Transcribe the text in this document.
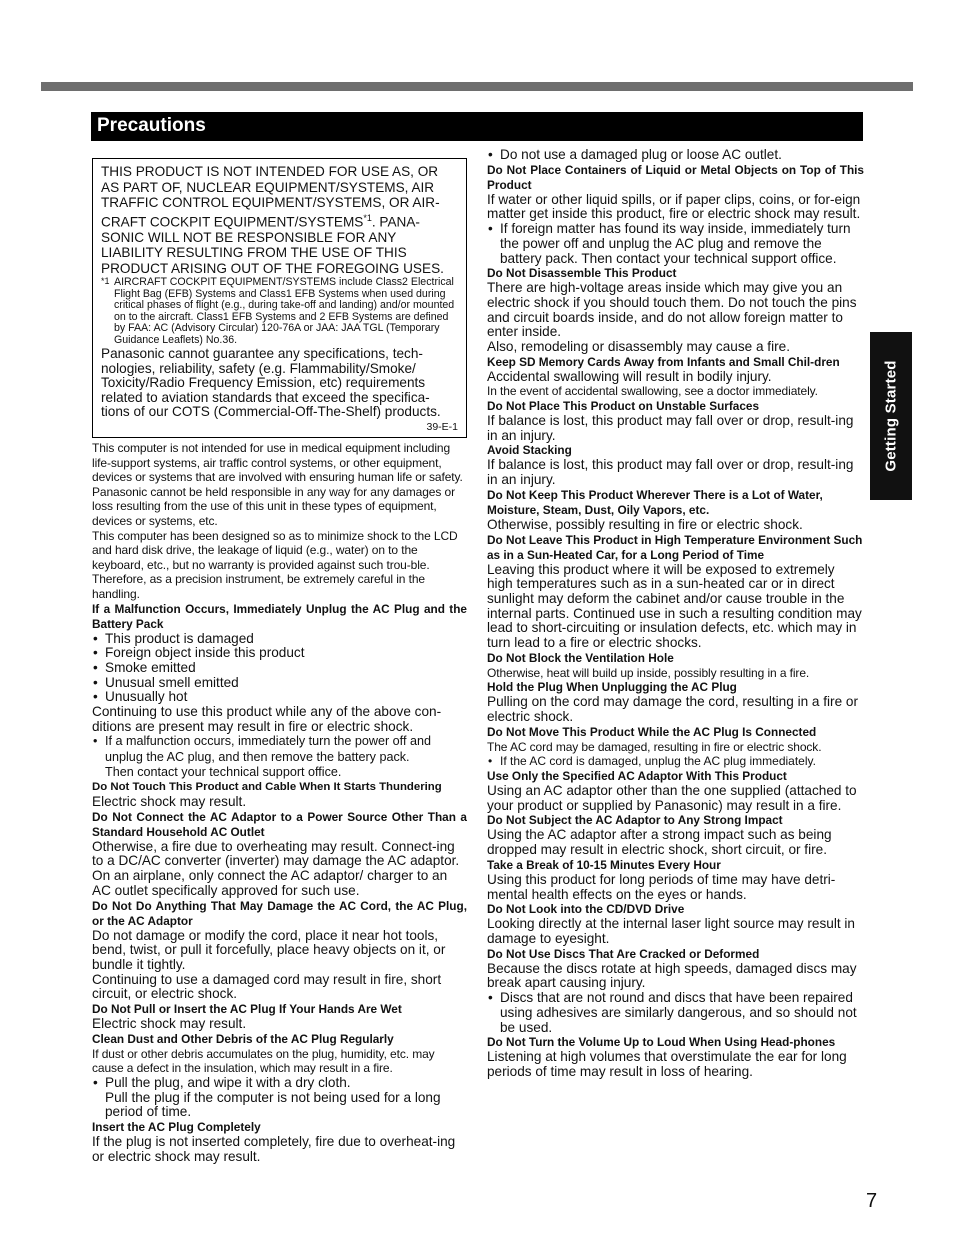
Precautions
Getting Started

THIS PRODUCT IS NOT INTENDED FOR USE AS, OR AS PART OF, NUCLEAR EQUIPMENT/SYSTEMS, AIR TRAFFIC CONTROL EQUIPMENT/SYSTEMS, OR AIR-CRAFT COCKPIT EQUIPMENT/SYSTEMS$^{*1}$. PANA-SONIC WILL NOT BE RESPONSIBLE FOR ANY LIABILITY RESULTING FROM THE USE OF THIS PRODUCT ARISING OUT OF THE FOREGOING USES.

*1 AIRCRAFT COCKPIT EQUIPMENT/SYSTEMS include Class2 Electrical Flight Bag (EFB) Systems and Class1 EFB Systems when used during critical phases of flight (e.g., during take-off and landing) and/or mounted on to the aircraft. Class1 EFB Systems and 2 EFB Systems are defined by FAA: AC (Advisory Circular) 120-76A or JAA: JAA TGL (Temporary Guidance Leaflets) No.36.

Panasonic cannot guarantee any specifications, tech-nologies, reliability, safety (e.g. Flammability/Smoke/ Toxicity/Radio Frequency Emission, etc) requirements related to aviation standards that exceed the specifica-tions of our COTS (Commercial-Off-The-Shelf) products.

39-E-1

This computer is not intended for use in medical equipment including life-support systems, air traffic control systems, or other equipment, devices or systems that are involved with ensuring human life or safety. Panasonic cannot be held responsible in any way for any damages or loss resulting from the use of this unit in these types of equipment, devices or systems, etc.

This computer has been designed so as to minimize shock to the LCD and hard disk drive, the leakage of liquid (e.g., water) on to the keyboard, etc., but no warranty is provided against such trou-ble. Therefore, as a precision instrument, be extremely careful in the handling.

If a Malfunction Occurs, Immediately Unplug the AC Plug and the Battery Pack

• This product is damaged
• Foreign object inside this product
• Smoke emitted
• Unusual smell emitted
• Unusually hot

Continuing to use this product while any of the above con-ditions are present may result in fire or electric shock.

• If a malfunction occurs, immediately turn the power off and unplug the AC plug, and then remove the battery pack.

Then contact your technical support office.

Do Not Touch This Product and Cable When It Starts Thundering

Electric shock may result.

Do Not Connect the AC Adaptor to a Power Source Other Than a Standard Household AC Outlet

Otherwise, a fire due to overheating may result. Connect-ing to a DC/AC converter (inverter) may damage the AC adaptor. On an airplane, only connect the AC adaptor/ charger to an AC outlet specifically approved for such use.

Do Not Do Anything That May Damage the AC Cord, the AC Plug, or the AC Adaptor

Do not damage or modify the cord, place it near hot tools, bend, twist, or pull it forcefully, place heavy objects on it, or bundle it tightly.

Continuing to use a damaged cord may result in fire, short circuit, or electric shock.

Do Not Pull or Insert the AC Plug If Your Hands Are Wet

Electric shock may result.

Clean Dust and Other Debris of the AC Plug Regularly

If dust or other debris accumulates on the plug, humidity, etc. may cause a defect in the insulation, which may result in a fire.

• Pull the plug, and wipe it with a dry cloth.

Pull the plug if the computer is not being used for a long period of time.

Insert the AC Plug Completely

If the plug is not inserted completely, fire due to overheat-ing or electric shock may result.

• Do not use a damaged plug or loose AC outlet.

Do Not Place Containers of Liquid or Metal Objects on Top of This Product

If water or other liquid spills, or if paper clips, coins, or for-eign matter get inside this product, fire or electric shock may result.

• If foreign matter has found its way inside, immediately turn the power off and unplug the AC plug and remove the battery pack. Then contact your technical support office.

Do Not Disassemble This Product

There are high-voltage areas inside which may give you an electric shock if you should touch them. Do not touch the pins and circuit boards inside, and do not allow foreign matter to enter inside.

Also, remodeling or disassembly may cause a fire.

Keep SD Memory Cards Away from Infants and Small Chil-dren

Accidental swallowing will result in bodily injury.

In the event of accidental swallowing, see a doctor immediately.

Do Not Place This Product on Unstable Surfaces

If balance is lost, this product may fall over or drop, result-ing in an injury.

Avoid Stacking

If balance is lost, this product may fall over or drop, result-ing in an injury.

Do Not Keep This Product Wherever There is a Lot of Water, Moisture, Steam, Dust, Oily Vapors, etc.

Otherwise, possibly resulting in fire or electric shock.

Do Not Leave This Product in High Temperature Environment Such as in a Sun-Heated Car, for a Long Period of Time

Leaving this product where it will be exposed to extremely high temperatures such as in a sun-heated car or in direct sunlight may deform the cabinet and/or cause trouble in the internal parts. Continued use in such a resulting condition may lead to short-circuiting or insulation defects, etc. which may in turn lead to a fire or electric shocks.

Do Not Block the Ventilation Hole

Otherwise, heat will build up inside, possibly resulting in a fire.

Hold the Plug When Unplugging the AC Plug

Pulling on the cord may damage the cord, resulting in a fire or electric shock.

Do Not Move This Product While the AC Plug Is Connected

The AC cord may be damaged, resulting in fire or electric shock.

• If the AC cord is damaged, unplug the AC plug immediately.

Use Only the Specified AC Adaptor With This Product

Using an AC adaptor other than the one supplied (attached to your product or supplied by Panasonic) may result in a fire.

Do Not Subject the AC Adaptor to Any Strong Impact

Using the AC adaptor after a strong impact such as being dropped may result in electric shock, short circuit, or fire.

Take a Break of 10-15 Minutes Every Hour

Using this product for long periods of time may have detri-mental health effects on the eyes or hands.

Do Not Look into the CD/DVD Drive

Looking directly at the internal laser light source may result in damage to eyesight.

Do Not Use Discs That Are Cracked or Deformed

Because the discs rotate at high speeds, damaged discs may break apart causing injury.

• Discs that are not round and discs that have been repaired using adhesives are similarly dangerous, and so should not be used.

Do Not Turn the Volume Up to Loud When Using Head-phones

Listening at high volumes that overstimulate the ear for long periods of time may result in loss of hearing.

7
